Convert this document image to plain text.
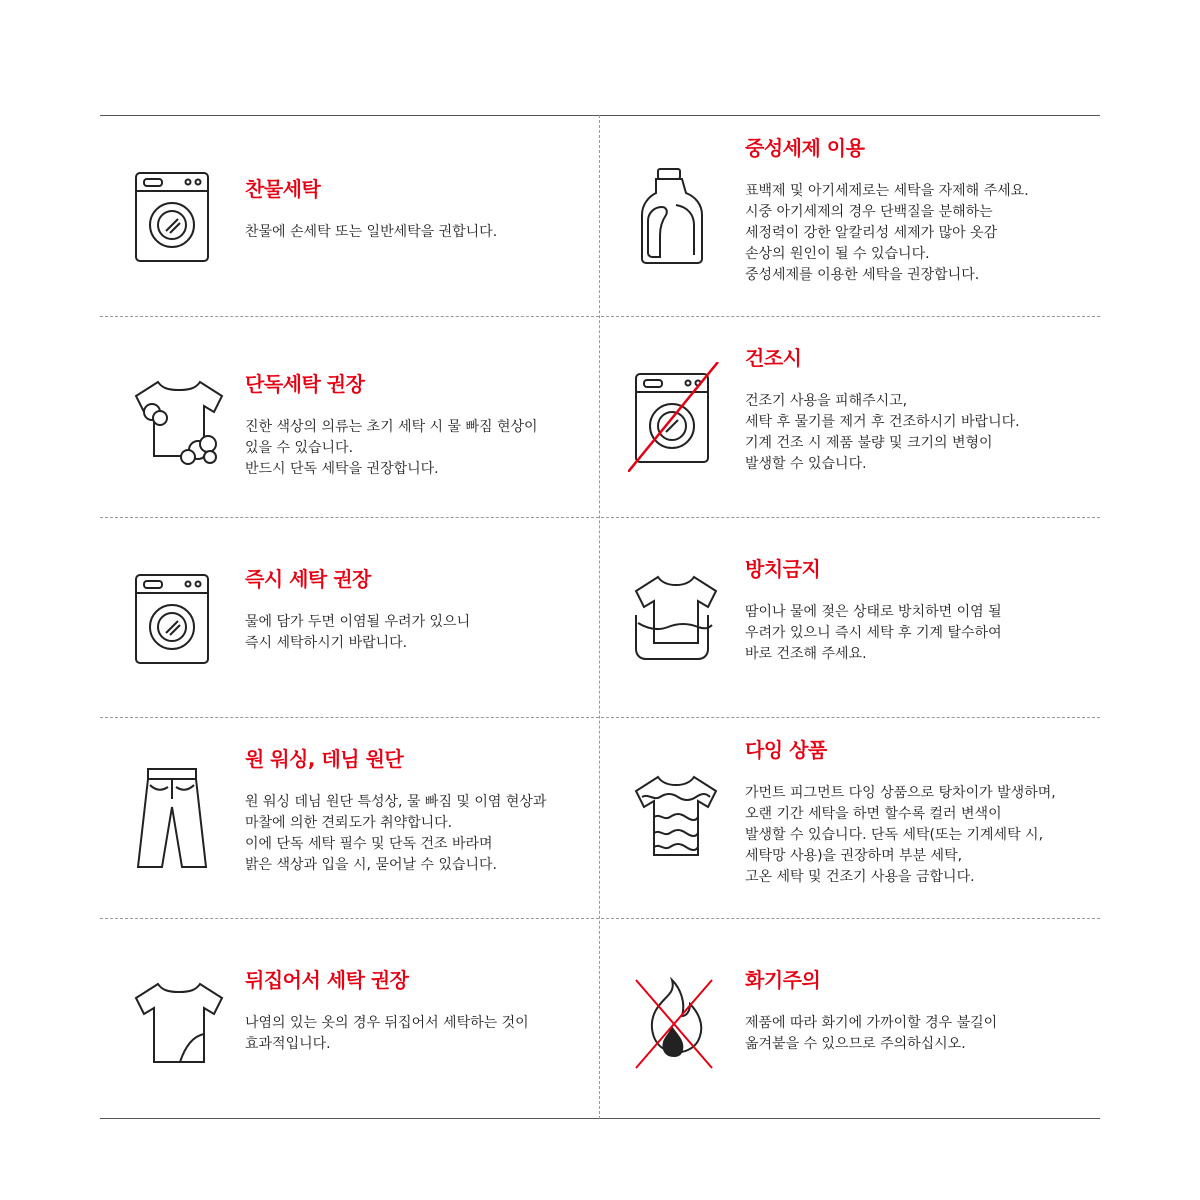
찬물세탁

찬물에 손세탁 또는 일반세탁을 권합니다.

중성세제 이용

표백제 및 아기세제로는 세탁을 자제해 주세요.
시중 아기세제의 경우 단백질을 분해하는
세정력이 강한 알칼리성 세제가 많아 옷감
손상의 원인이 될 수 있습니다.
중성세제를 이용한 세탁을 권장합니다.

단독세탁 권장

진한 색상의 의류는 초기 세탁 시 물 빠짐 현상이
있을 수 있습니다.
반드시 단독 세탁을 권장합니다.

건조시

건조기 사용을 피해주시고,
세탁 후 물기를 제거 후 건조하시기 바랍니다.
기계 건조 시 제품 불량 및 크기의 변형이
발생할 수 있습니다.

즉시 세탁 권장

물에 담가 두면 이염될 우려가 있으니
즉시 세탁하시기 바랍니다.

방치금지

땀이나 물에 젖은 상태로 방치하면 이염 될
우려가 있으니 즉시 세탁 후 기계 탈수하여
바로 건조해 주세요.

원 워싱, 데님 원단

원 워싱 데님 원단 특성상, 물 빠짐 및 이염 현상과
마찰에 의한 견뢰도가 취약합니다.
이에 단독 세탁 필수 및 단독 건조 바라며
밝은 색상과 입을 시, 묻어날 수 있습니다.

다잉 상품

가먼트 피그먼트 다잉 상품으로 탕차이가 발생하며,
오랜 기간 세탁을 하면 할수록 컬러 변색이
발생할 수 있습니다. 단독 세탁(또는 기계세탁 시,
세탁망 사용)을 권장하며 부분 세탁,
고온 세탁 및 건조기 사용을 금합니다.

뒤집어서 세탁 권장

나염의 있는 옷의 경우 뒤집어서 세탁하는 것이
효과적입니다.

화기주의

제품에 따라 화기에 가까이할 경우 불길이
옮겨붙을 수 있으므로 주의하십시오.
